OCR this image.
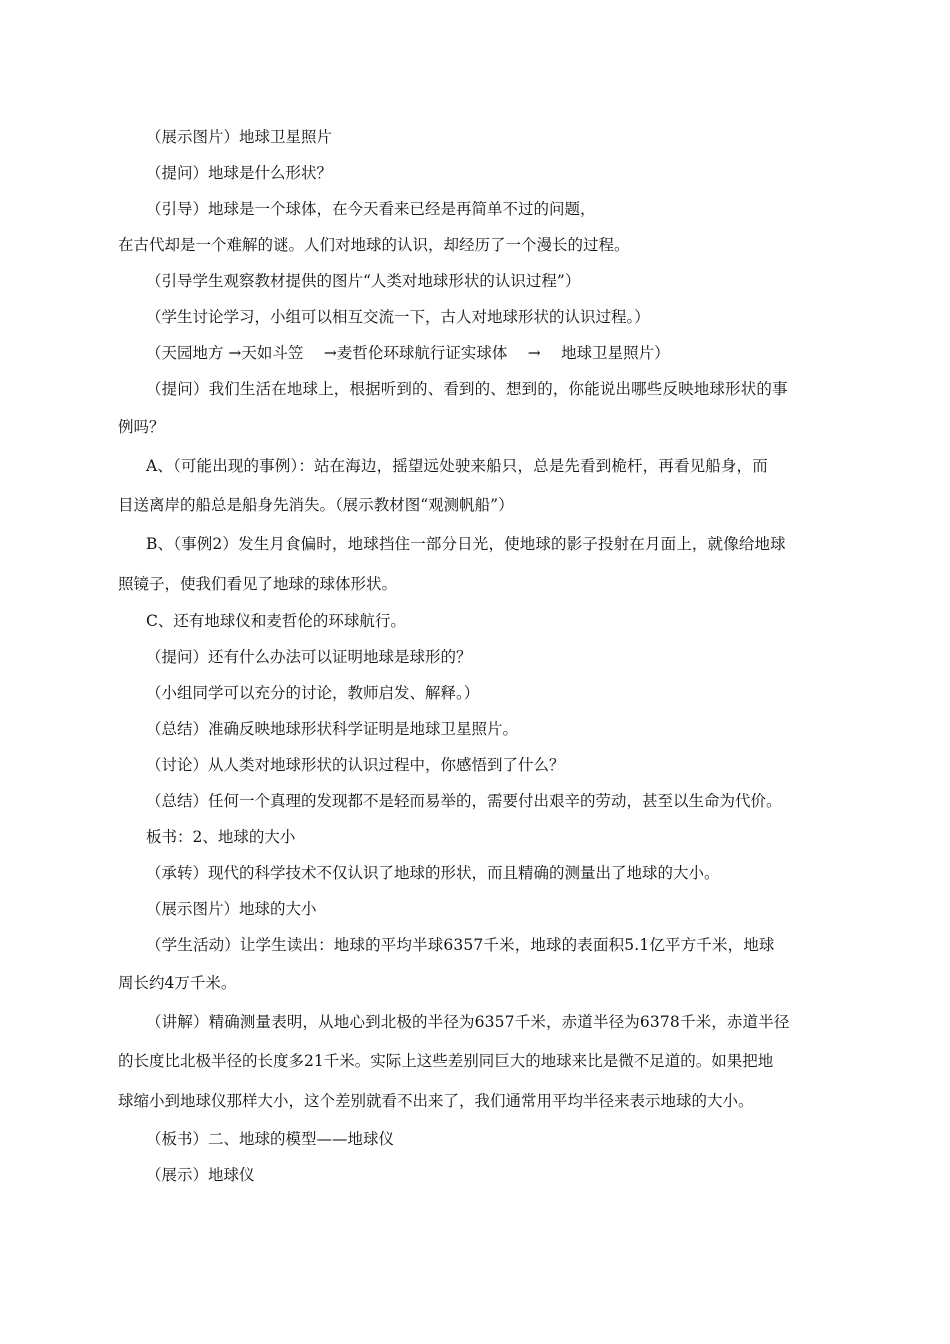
（展示图片）地球卫星照片
（提问）地球是什么形状？
（引导）地球是一个球体，在今天看来已经是再简单不过的问题，
在古代却是一个难解的谜。人们对地球的认识，却经历了一个漫长的过程。
（引导学生观察教材提供的图片“人类对地球形状的认识过程”）
（学生讨论学习，小组可以相互交流一下，古人对地球形状的认识过程。）
（天园地方 →天如斗笠　 →麦哲伦环球航行证实球体　 →　 地球卫星照片）
（提问）我们生活在地球上，根据听到的、看到的、想到的，你能说出哪些反映地球形状的事
例吗？
A、（可能出现的事例）：站在海边，摇望远处驶来船只，总是先看到桅杆，再看见船身，而
目送离岸的船总是船身先消失。（展示教材图“观测帆船”）
B、（事例2）发生月食偏时，地球挡住一部分日光，使地球的影子投射在月面上，就像给地球
照镜子，使我们看见了地球的球体形状。
C、还有地球仪和麦哲伦的环球航行。
（提问）还有什么办法可以证明地球是球形的？
（小组同学可以充分的讨论，教师启发、解释。）
（总结）准确反映地球形状科学证明是地球卫星照片。
（讨论）从人类对地球形状的认识过程中，你感悟到了什么？
（总结）任何一个真理的发现都不是轻而易举的，需要付出艰辛的劳动，甚至以生命为代价。
板书：2、地球的大小
（承转）现代的科学技术不仅认识了地球的形状，而且精确的测量出了地球的大小。
（展示图片）地球的大小
（学生活动）让学生读出：地球的平均半球6357千米，地球的表面积5.1亿平方千米，地球
周长约4万千米。
（讲解）精确测量表明，从地心到北极的半径为6357千米，赤道半径为6378千米，赤道半径
的长度比北极半径的长度多21千米。实际上这些差别同巨大的地球来比是微不足道的。如果把地
球缩小到地球仪那样大小，这个差别就看不出来了，我们通常用平均半径来表示地球的大小。
（板书）二、地球的模型——地球仪
（展示）地球仪
